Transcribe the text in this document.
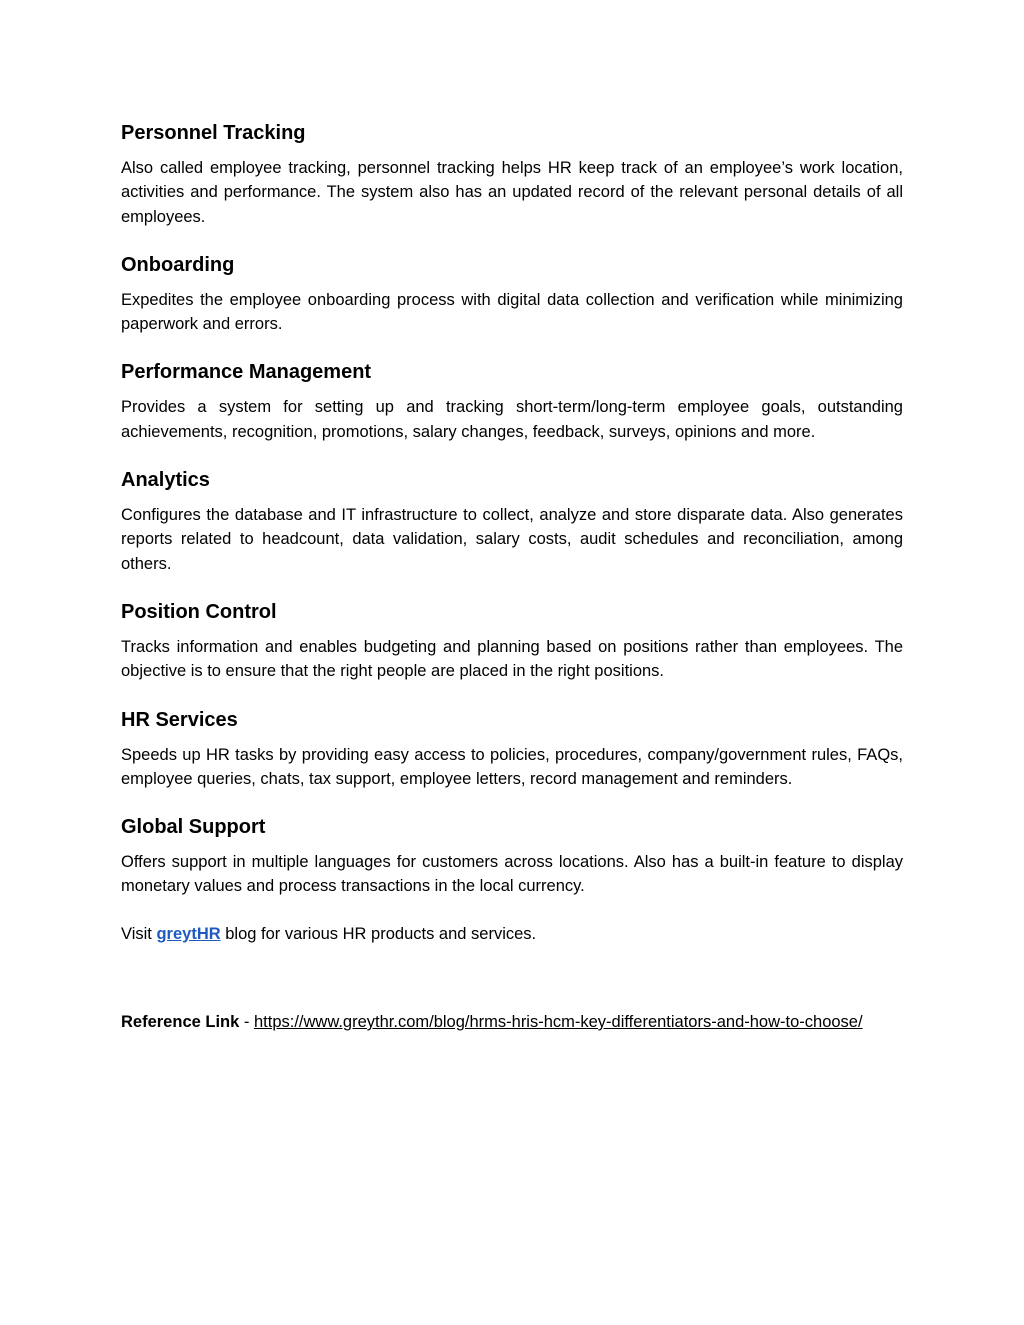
Personnel Tracking

Also called employee tracking, personnel tracking helps HR keep track of an employee’s work location, activities and performance. The system also has an updated record of the relevant personal details of all employees.

Onboarding

Expedites the employee onboarding process with digital data collection and verification while minimizing paperwork and errors.

Performance Management

Provides a system for setting up and tracking short-term/long-term employee goals, outstanding achievements, recognition, promotions, salary changes, feedback, surveys, opinions and more.

Analytics

Configures the database and IT infrastructure to collect, analyze and store disparate data. Also generates reports related to headcount, data validation, salary costs, audit schedules and reconciliation, among others.

Position Control

Tracks information and enables budgeting and planning based on positions rather than employees. The objective is to ensure that the right people are placed in the right positions.

HR Services

Speeds up HR tasks by providing easy access to policies, procedures, company/government rules, FAQs, employee queries, chats, tax support, employee letters, record management and reminders.

Global Support

Offers support in multiple languages for customers across locations. Also has a built-in feature to display monetary values and process transactions in the local currency.

Visit greytHR blog for various HR products and services.

Reference Link - https://www.greythr.com/blog/hrms-hris-hcm-key-differentiators-and-how-to-choose/
